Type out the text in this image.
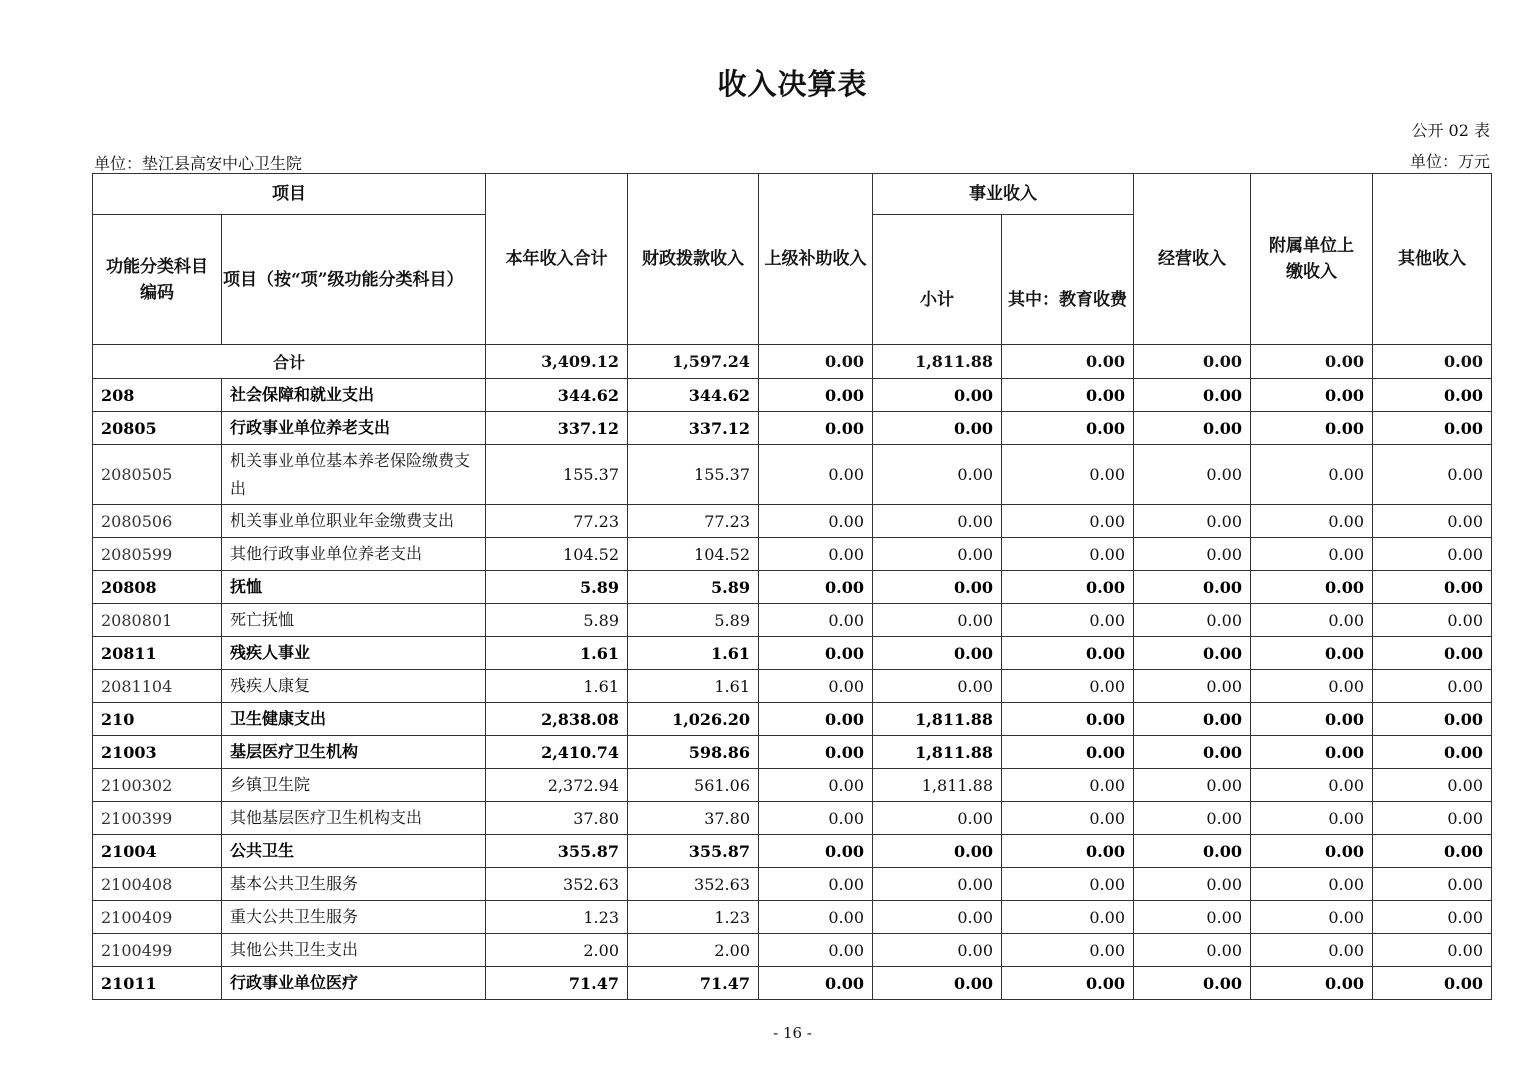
收入决算表
公开 02 表
单位：垫江县高安中心卫生院	单位：万元
项目		本年收入合计	财政拨款收入	上级补助收入	事业收入		经营收入	附属单位上缴收入	其他收入
功能分类科目编码	项目（按“项”级功能分类科目）				小计	其中：教育收费			
合计		3,409.12	1,597.24	0.00	1,811.88	0.00	0.00	0.00	0.00
208	社会保障和就业支出	344.62	344.62	0.00	0.00	0.00	0.00	0.00	0.00
20805	行政事业单位养老支出	337.12	337.12	0.00	0.00	0.00	0.00	0.00	0.00
2080505	机关事业单位基本养老保险缴费支出	155.37	155.37	0.00	0.00	0.00	0.00	0.00	0.00
2080506	机关事业单位职业年金缴费支出	77.23	77.23	0.00	0.00	0.00	0.00	0.00	0.00
2080599	其他行政事业单位养老支出	104.52	104.52	0.00	0.00	0.00	0.00	0.00	0.00
20808	抚恤	5.89	5.89	0.00	0.00	0.00	0.00	0.00	0.00
2080801	死亡抚恤	5.89	5.89	0.00	0.00	0.00	0.00	0.00	0.00
20811	残疾人事业	1.61	1.61	0.00	0.00	0.00	0.00	0.00	0.00
2081104	残疾人康复	1.61	1.61	0.00	0.00	0.00	0.00	0.00	0.00
210	卫生健康支出	2,838.08	1,026.20	0.00	1,811.88	0.00	0.00	0.00	0.00
21003	基层医疗卫生机构	2,410.74	598.86	0.00	1,811.88	0.00	0.00	0.00	0.00
2100302	乡镇卫生院	2,372.94	561.06	0.00	1,811.88	0.00	0.00	0.00	0.00
2100399	其他基层医疗卫生机构支出	37.80	37.80	0.00	0.00	0.00	0.00	0.00	0.00
21004	公共卫生	355.87	355.87	0.00	0.00	0.00	0.00	0.00	0.00
2100408	基本公共卫生服务	352.63	352.63	0.00	0.00	0.00	0.00	0.00	0.00
2100409	重大公共卫生服务	1.23	1.23	0.00	0.00	0.00	0.00	0.00	0.00
2100499	其他公共卫生支出	2.00	2.00	0.00	0.00	0.00	0.00	0.00	0.00
21011	行政事业单位医疗	71.47	71.47	0.00	0.00	0.00	0.00	0.00	0.00
- 16 -
